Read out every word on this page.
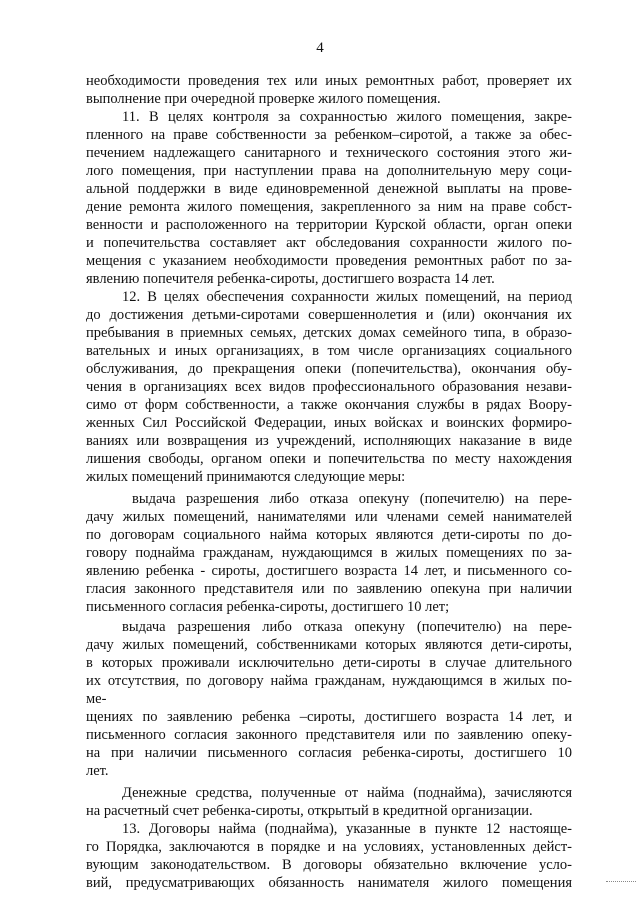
4
необходимости проведения тех или иных ремонтных работ, проверяет их
выполнение при очередной проверке жилого помещения.
11. В целях контроля за сохранностью жилого помещения, закре-
пленного на праве собственности за ребенком–сиротой, а также за обес-
печением надлежащего санитарного и технического состояния этого жи-
лого помещения, при наступлении права на дополнительную меру соци-
альной поддержки в виде единовременной денежной выплаты на прове-
дение ремонта жилого помещения, закрепленного за ним на праве собст-
венности и расположенного на территории Курской области, орган опеки
и попечительства составляет акт обследования сохранности жилого по-
мещения с указанием необходимости проведения ремонтных работ по за-
явлению попечителя ребенка-сироты, достигшего возраста 14 лет.
12. В целях обеспечения сохранности жилых помещений, на период
до достижения детьми-сиротами совершеннолетия и (или) окончания их
пребывания в приемных семьях, детских домах семейного типа, в образо-
вательных и иных организациях, в том числе организациях социального
обслуживания, до прекращения опеки (попечительства), окончания обу-
чения в организациях всех видов профессионального образования незави-
симо от форм собственности, а также окончания службы в рядах Воору-
женных Сил Российской Федерации, иных войсках и воинских формиро-
ваниях или возвращения из учреждений, исполняющих наказание в виде
лишения свободы, органом опеки и попечительства по месту нахождения
жилых помещений принимаются следующие меры:
выдача разрешения либо отказа опекуну (попечителю) на пере-
дачу жилых помещений, нанимателями или членами семей нанимателей
по договорам социального найма которых являются дети-сироты по до-
говору поднайма гражданам, нуждающимся в жилых помещениях по за-
явлению ребенка - сироты, достигшего возраста 14 лет, и письменного со-
гласия законного представителя или по заявлению опекуна при наличии
письменного согласия ребенка-сироты, достигшего 10 лет;
выдача разрешения либо отказа опекуну (попечителю) на пере-
дачу жилых помещений, собственниками которых являются дети-сироты,
в которых проживали исключительно дети-сироты в случае длительного
их отсутствия, по договору найма гражданам, нуждающимся в жилых по-
ме-
щениях по заявлению ребенка –сироты, достигшего возраста 14 лет, и
письменного согласия законного представителя или по заявлению опеку-
на при наличии письменного согласия ребенка-сироты, достигшего 10
лет.
Денежные средства, полученные от найма (поднайма), зачисляются
на расчетный счет ребенка-сироты, открытый в кредитной организации.
13. Договоры найма (поднайма), указанные в пункте 12 настояще-
го Порядка, заключаются в порядке и на условиях, установленных дейст-
вующим законодательством. В договоры обязательно включение усло-
вий, предусматривающих обязанность нанимателя жилого помещения
